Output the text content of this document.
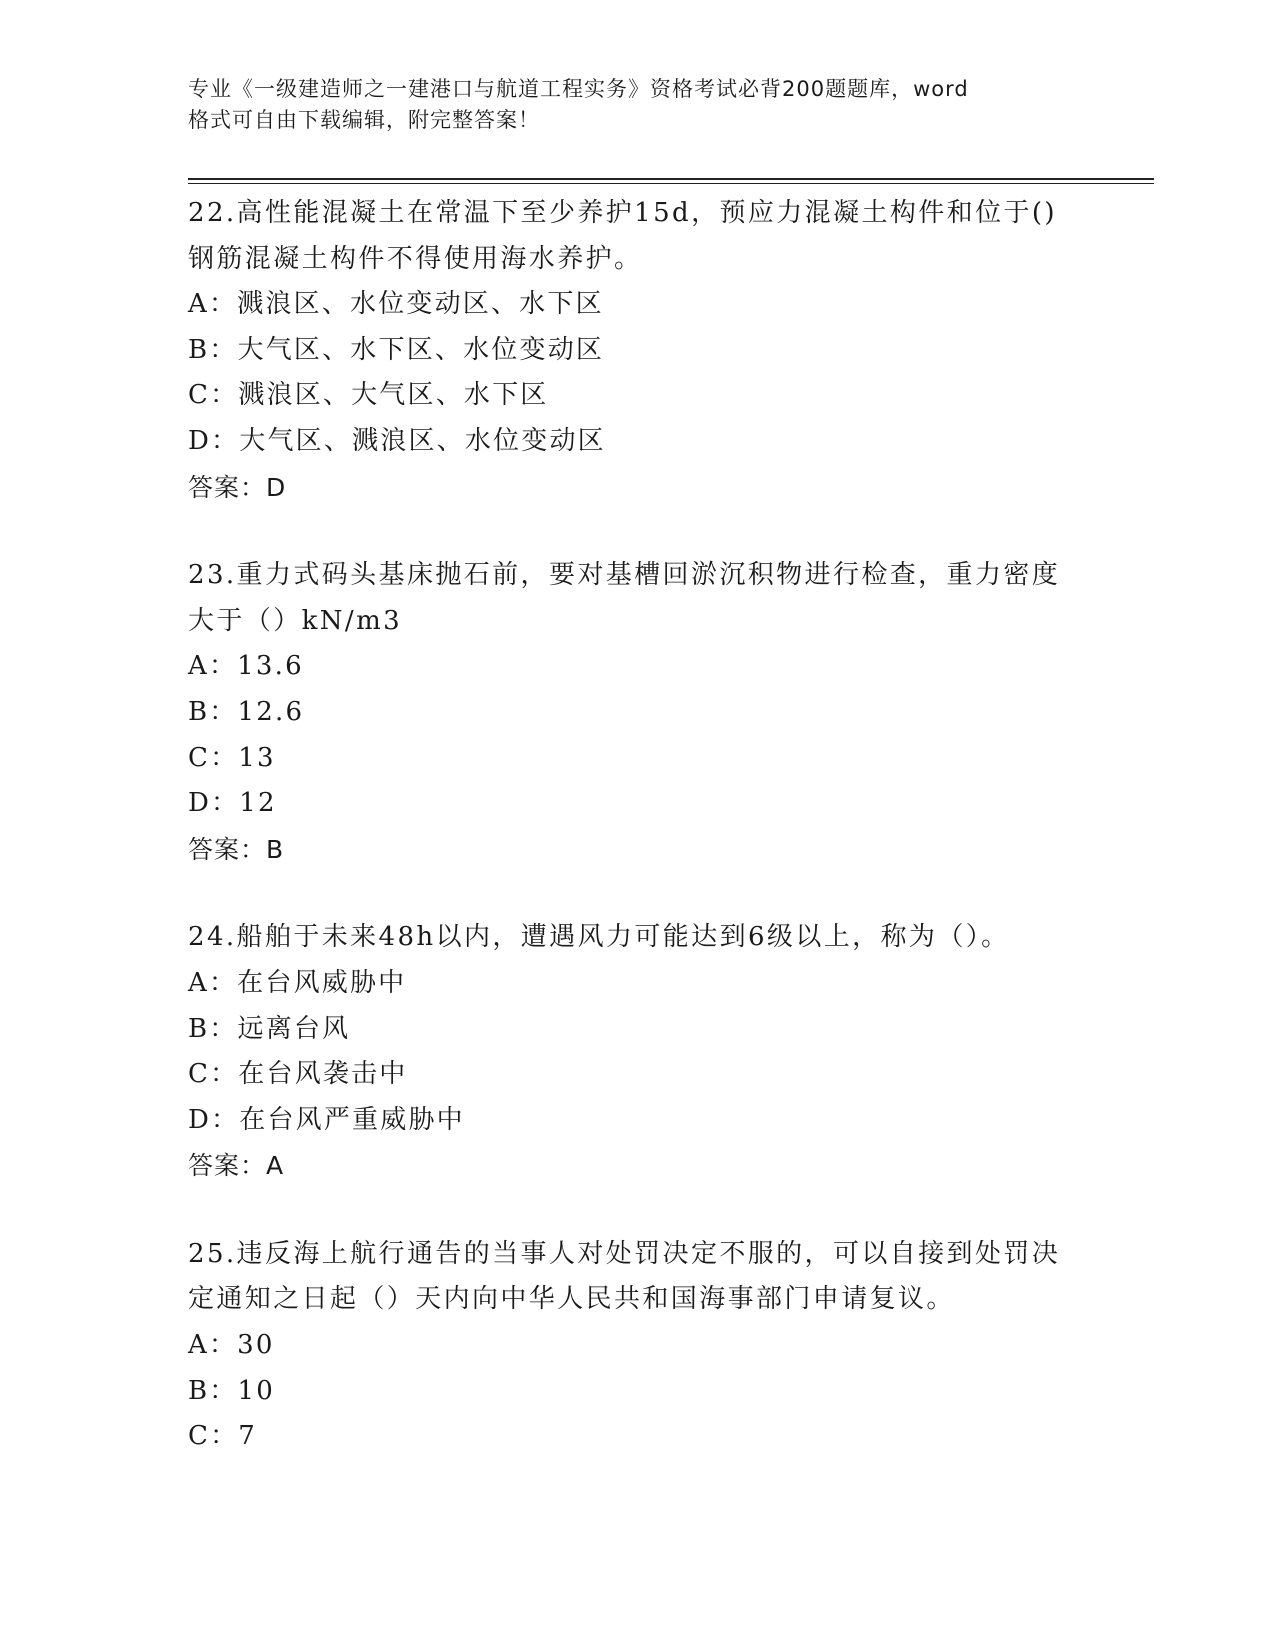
专业《一级建造师之一建港口与航道工程实务》资格考试必背200题题库，word
格式可自由下载编辑，附完整答案！
22.高性能混凝土在常温下至少养护15d，预应力混凝土构件和位于()
钢筋混凝土构件不得使用海水养护。
A：溅浪区、水位变动区、水下区
B：大气区、水下区、水位变动区
C：溅浪区、大气区、水下区
D：大气区、溅浪区、水位变动区
答案：D
23.重力式码头基床抛石前，要对基槽回淤沉积物进行检查，重力密度
大于（）kN/m3
A：13.6
B：12.6
C：13
D：12
答案：B
24.船舶于未来48h以内，遭遇风力可能达到6级以上，称为（）。
A：在台风威胁中
B：远离台风
C：在台风袭击中
D：在台风严重威胁中
答案：A
25.违反海上航行通告的当事人对处罚决定不服的，可以自接到处罚决
定通知之日起（）天内向中华人民共和国海事部门申请复议。
A：30
B：10
C：7
